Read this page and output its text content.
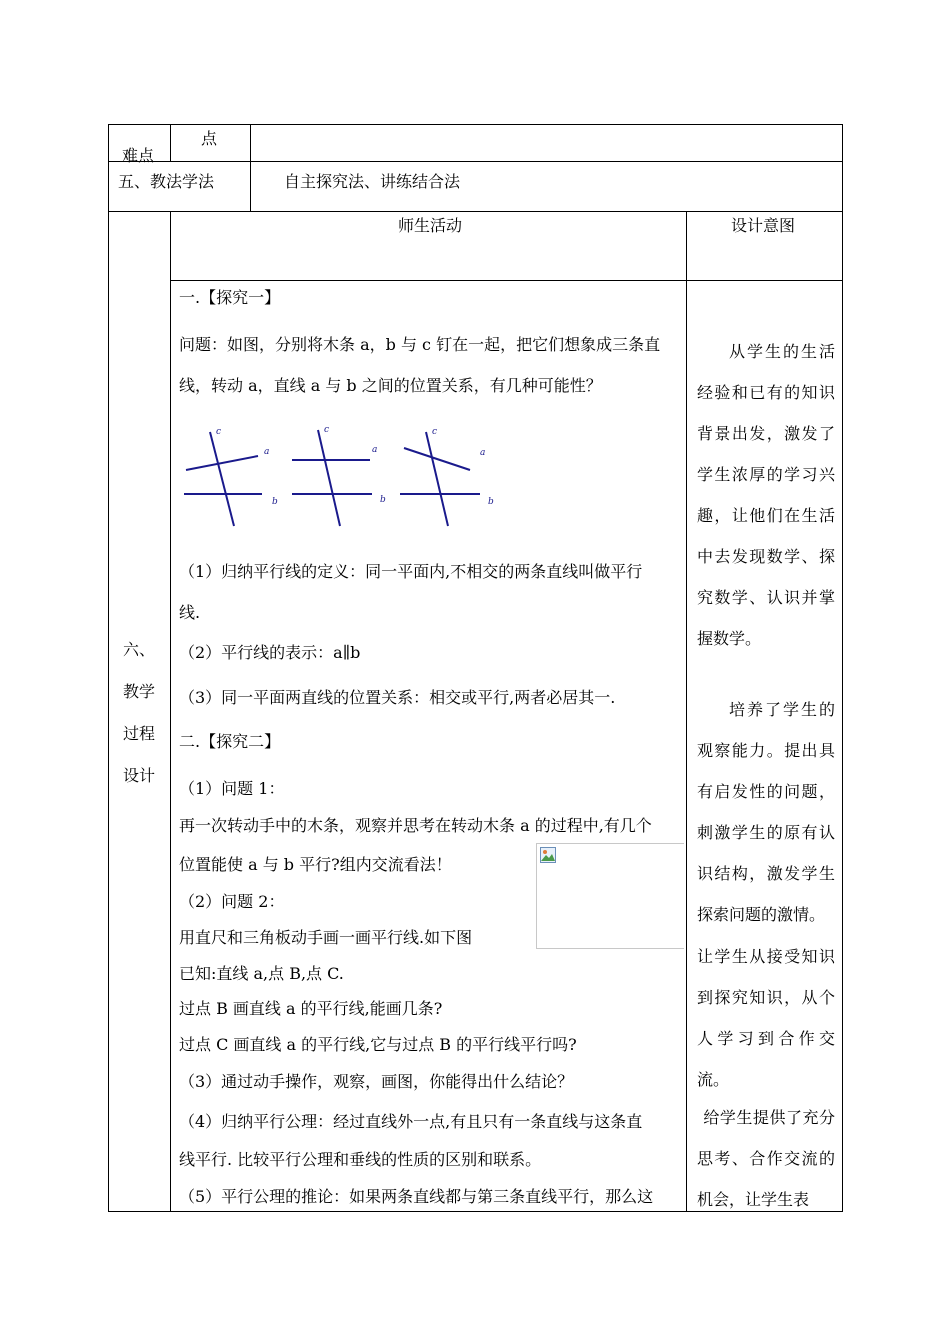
难点
点
五、教法学法	自主探究法、讲练结合法
六、
教学
过程
设计
师生活动	设计意图
一.【探究一】
问题：如图，分别将木条 a，b 与 c 钉在一起，把它们想象成三条直
线，转动 a，直线 a 与 b 之间的位置关系，有几种可能性？
c
a
b
c
a
b
c
a
b
（1）归纳平行线的定义：同一平面内,不相交的两条直线叫做平行
线.
（2）平行线的表示：a∥b
（3）同一平面两直线的位置关系：相交或平行,两者必居其一.
二.【探究二】
（1）问题 1：
再一次转动手中的木条，观察并思考在转动木条 a 的过程中,有几个
位置能使 a 与 b 平行?组内交流看法！
（2）问题 2：
用直尺和三角板动手画一画平行线.如下图
已知:直线 a,点 B,点 C.
过点 B 画直线 a 的平行线,能画几条?
过点 C 画直线 a 的平行线,它与过点 B 的平行线平行吗?
（3）通过动手操作，观察，画图，你能得出什么结论？
（4）归纳平行公理：经过直线外一点,有且只有一条直线与这条直
线平行. 比较平行公理和垂线的性质的区别和联系。
（5）平行公理的推论：如果两条直线都与第三条直线平行，那么这

从学生的生活经验和已有的知识背景出发，激发了学生浓厚的学习兴趣，让他们在生活中去发现数学、探究数学、认识并掌握数学。

培养了学生的观察能力。提出具有启发性的问题，刺激学生的原有认识结构，激发学生探索问题的激情。

让学生从接受知识到探究知识，从个人学习到合作交流。

给学生提供了充分思考、合作交流的机会，让学生表
